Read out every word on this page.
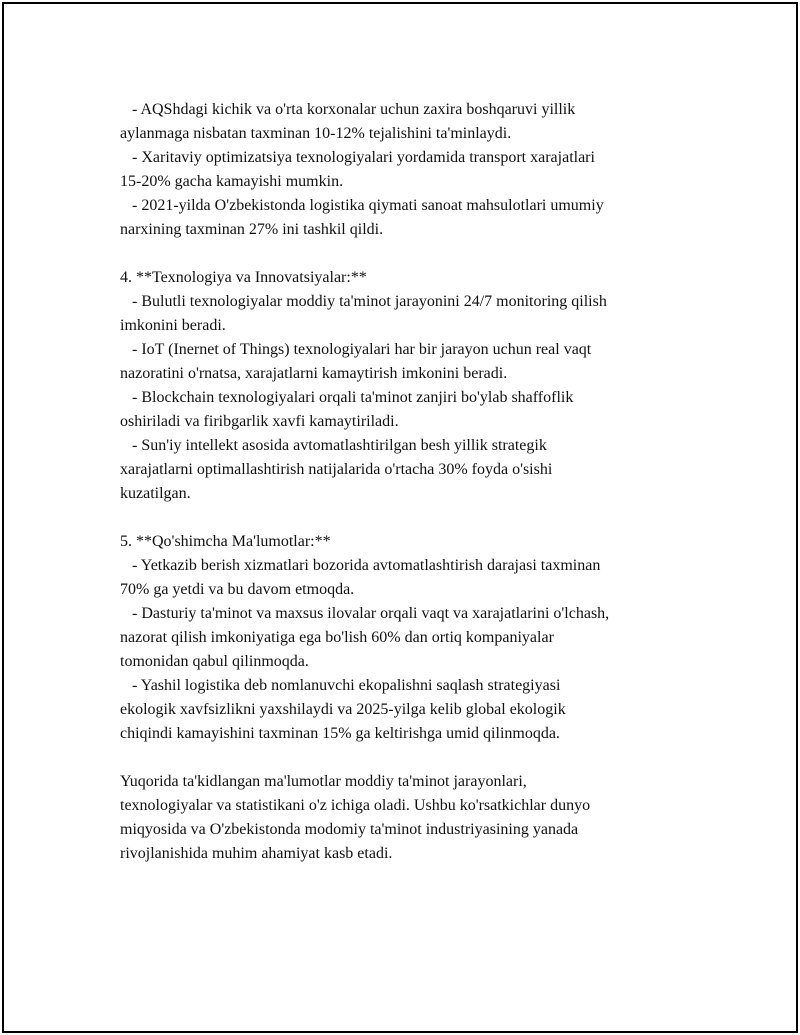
- AQShdagi kichik va o'rta korxonalar uchun zaxira boshqaruvi yillik
aylanmaga nisbatan taxminan 10-12% tejalishini ta'minlaydi.
- Xaritaviy optimizatsiya texnologiyalari yordamida transport xarajatlari
15-20% gacha kamayishi mumkin.
- 2021-yilda O'zbekistonda logistika qiymati sanoat mahsulotlari umumiy
narxining taxminan 27% ini tashkil qildi.

4. **Texnologiya va Innovatsiyalar:**
- Bulutli texnologiyalar moddiy ta'minot jarayonini 24/7 monitoring qilish
imkonini beradi.
- IoT (Inernet of Things) texnologiyalari har bir jarayon uchun real vaqt
nazoratini o'rnatsa, xarajatlarni kamaytirish imkonini beradi.
- Blockchain texnologiyalari orqali ta'minot zanjiri bo'ylab shaffoflik
oshiriladi va firibgarlik xavfi kamaytiriladi.
- Sun'iy intellekt asosida avtomatlashtirilgan besh yillik strategik
xarajatlarni optimallashtirish natijalarida o'rtacha 30% foyda o'sishi
kuzatilgan.

5. **Qo'shimcha Ma'lumotlar:**
- Yetkazib berish xizmatlari bozorida avtomatlashtirish darajasi taxminan
70% ga yetdi va bu davom etmoqda.
- Dasturiy ta'minot va maxsus ilovalar orqali vaqt va xarajatlarini o'lchash,
nazorat qilish imkoniyatiga ega bo'lish 60% dan ortiq kompaniyalar
tomonidan qabul qilinmoqda.
- Yashil logistika deb nomlanuvchi ekopalishni saqlash strategiyasi
ekologik xavfsizlikni yaxshilaydi va 2025-yilga kelib global ekologik
chiqindi kamayishini taxminan 15% ga keltirishga umid qilinmoqda.

Yuqorida ta'kidlangan ma'lumotlar moddiy ta'minot jarayonlari,
texnologiyalar va statistikani o'z ichiga oladi. Ushbu ko'rsatkichlar dunyo
miqyosida va O'zbekistonda modomiy ta'minot industriyasining yanada
rivojlanishida muhim ahamiyat kasb etadi.
